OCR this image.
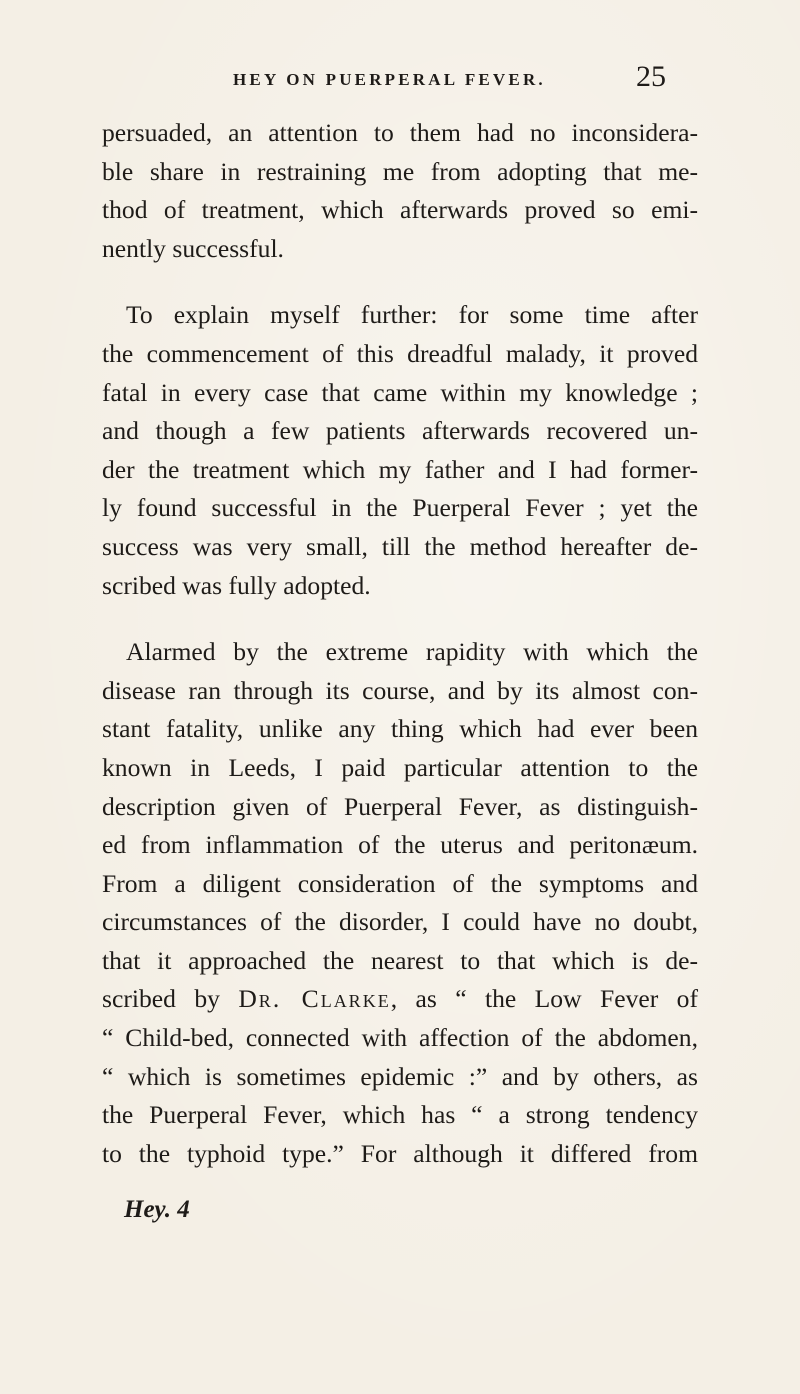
HEY ON PUERPERAL FEVER.	25
persuaded, an attention to them had no inconsidera-
ble share in restraining me from adopting that me-
thod of treatment, which afterwards proved so emi-
nently successful.
To explain myself further: for some time after
the commencement of this dreadful malady, it proved
fatal in every case that came within my knowledge ;
and though a few patients afterwards recovered un-
der the treatment which my father and I had former-
ly found successful in the Puerperal Fever ; yet the
success was very small, till the method hereafter de-
scribed was fully adopted.
Alarmed by the extreme rapidity with which the
disease ran through its course, and by its almost con-
stant fatality, unlike any thing which had ever been
known in Leeds, I paid particular attention to the
description given of Puerperal Fever, as distinguish-
ed from inflammation of the uterus and peritonæum.
From a diligent consideration of the symptoms and
circumstances of the disorder, I could have no doubt,
that it approached the nearest to that which is de-
scribed by Dr. Clarke, as “ the Low Fever of
“ Child-bed, connected with affection of the abdomen,
“ which is sometimes epidemic :” and by others, as
the Puerperal Fever, which has “ a strong tendency
to the typhoid type.” For although it differed from
Hey. 4
